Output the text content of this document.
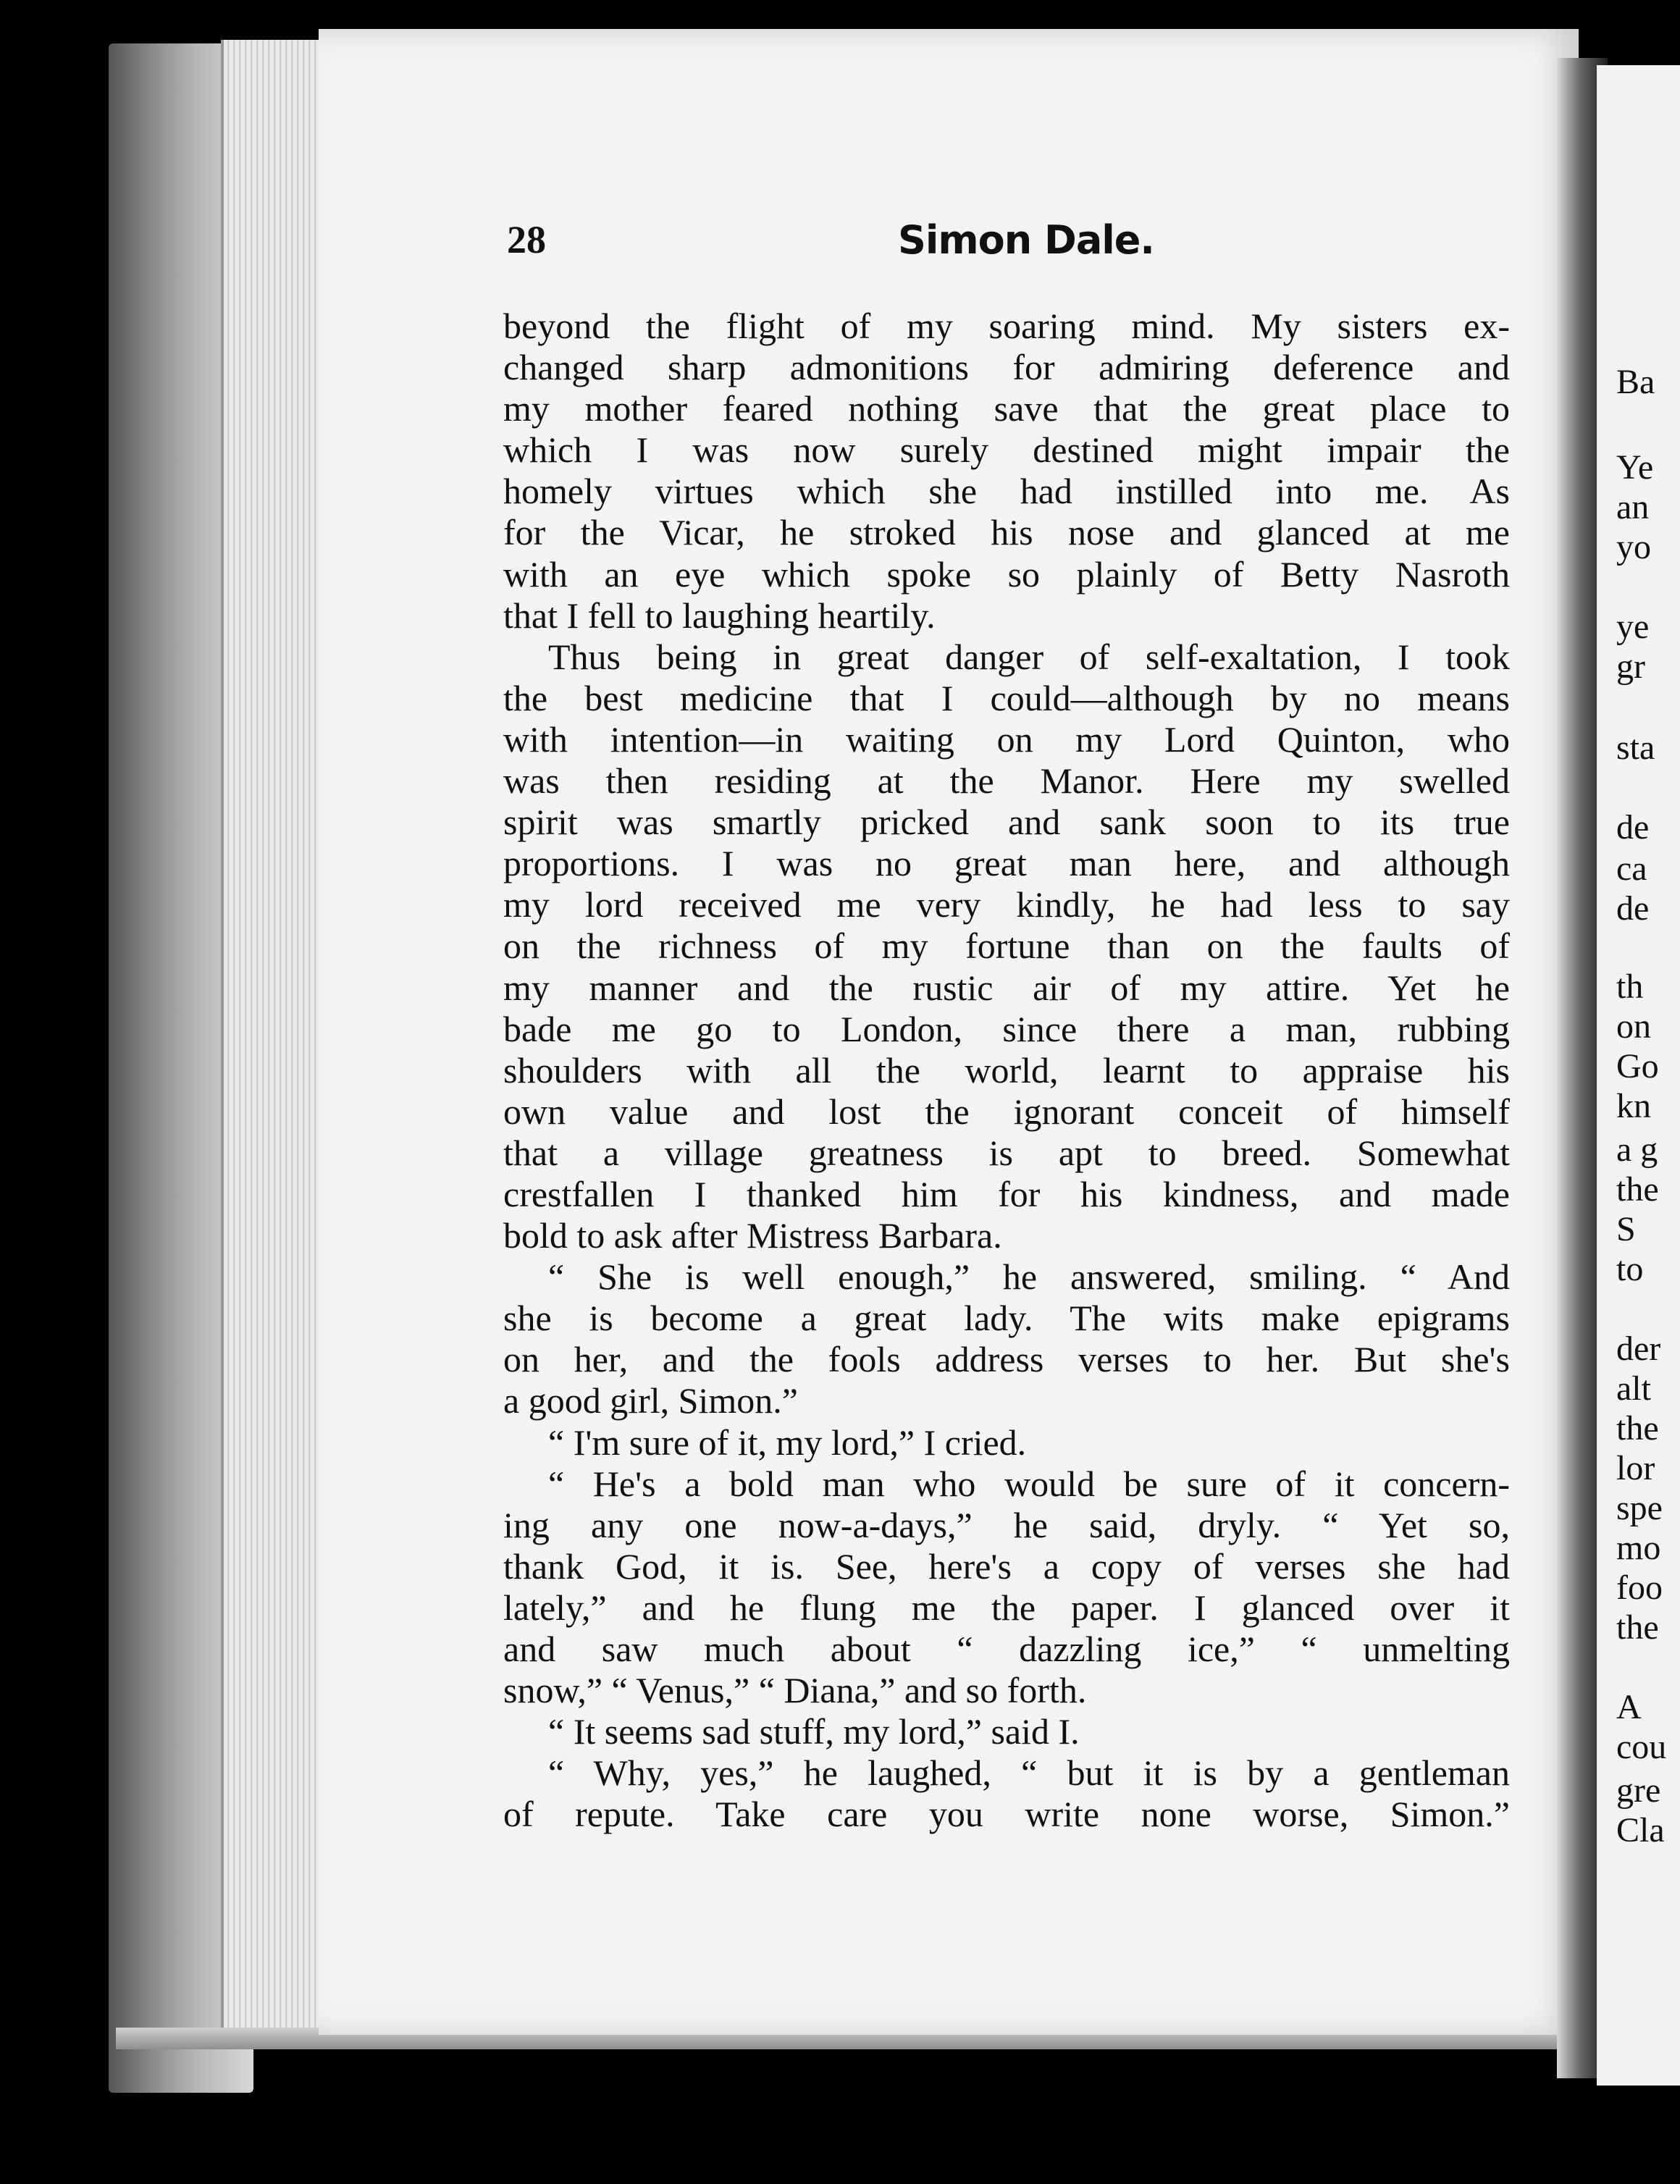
28	Simon Dale.
beyond the flight of my soaring mind. My sisters ex-
changed sharp admonitions for admiring deference and
my mother feared nothing save that the great place to
which I was now surely destined might impair the
homely virtues which she had instilled into me. As
for the Vicar, he stroked his nose and glanced at me
with an eye which spoke so plainly of Betty Nasroth
that I fell to laughing heartily.
Thus being in great danger of self-exaltation, I took
the best medicine that I could—although by no means
with intention—in waiting on my Lord Quinton, who
was then residing at the Manor. Here my swelled
spirit was smartly pricked and sank soon to its true
proportions. I was no great man here, and although
my lord received me very kindly, he had less to say
on the richness of my fortune than on the faults of
my manner and the rustic air of my attire. Yet he
bade me go to London, since there a man, rubbing
shoulders with all the world, learnt to appraise his
own value and lost the ignorant conceit of himself
that a village greatness is apt to breed. Somewhat
crestfallen I thanked him for his kindness, and made
bold to ask after Mistress Barbara.
“ She is well enough,” he answered, smiling. “ And
she is become a great lady. The wits make epigrams
on her, and the fools address verses to her. But she's
a good girl, Simon.”
“ I'm sure of it, my lord,” I cried.
“ He's a bold man who would be sure of it concern-
ing any one now-a-days,” he said, dryly. “ Yet so,
thank God, it is. See, here's a copy of verses she had
lately,” and he flung me the paper. I glanced over it
and saw much about “ dazzling ice,” “ unmelting
snow,” “ Venus,” “ Diana,” and so forth.
“ It seems sad stuff, my lord,” said I.
“ Why, yes,” he laughed, “ but it is by a gentleman
of repute. Take care you write none worse, Simon.”
Ba
Ye
an
yo
ye
gr
sta
de
ca
de
th
on
Go
kn
a g
the
S
to
der
alt
the
lor
spe
mo
foo
the
A
cou
gre
Cla
